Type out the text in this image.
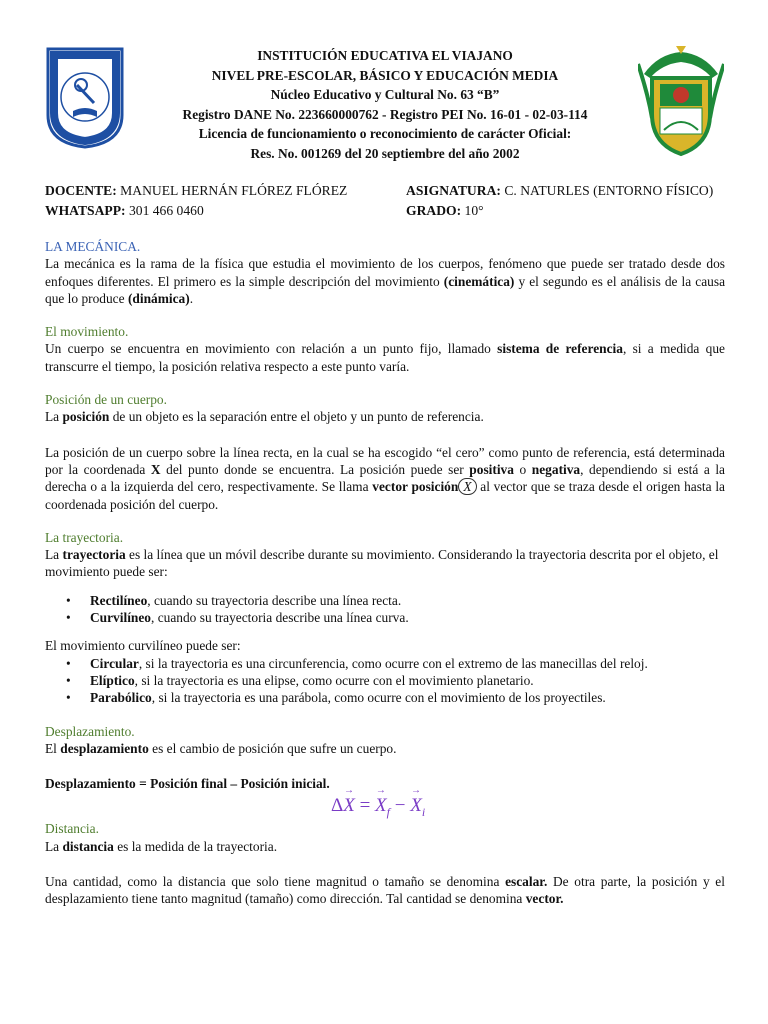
INSTITUCIÓN EDUCATIVA EL VIAJANO
NIVEL PRE-ESCOLAR, BÁSICO Y EDUCACIÓN MEDIA
Núcleo Educativo y Cultural No. 63 “B”
Registro DANE No. 223660000762 - Registro PEI No. 16-01 - 02-03-114
Licencia de funcionamiento o reconocimiento de carácter Oficial:
Res. No. 001269 del 20 septiembre del año 2002
DOCENTE: MANUEL HERNÁN FLÓREZ FLÓREZ
WHATSAPP: 301 466 0460
ASIGNATURA: C. NATURLES (ENTORNO FÍSICO)
GRADO: 10°

LA MECÁNICA.

La mecánica es la rama de la física que estudia el movimiento de los cuerpos, fenómeno que puede ser tratado desde dos enfoques diferentes. El primero es la simple descripción del movimiento (cinemática) y el segundo es el análisis de la causa que lo produce (dinámica).

El movimiento.

Un cuerpo se encuentra en movimiento con relación a un punto fijo, llamado sistema de referencia, si a medida que transcurre el tiempo, la posición relativa respecto a este punto varía.

Posición de un cuerpo.

La posición de un objeto es la separación entre el objeto y un punto de referencia.

La posición de un cuerpo sobre la línea recta, en la cual se ha escogido “el cero” como punto de referencia, está determinada por la coordenada X del punto donde se encuentra. La posición puede ser positiva o negativa, dependiendo si está a la derecha o a la izquierda del cero, respectivamente. Se llama vector posición X al vector que se traza desde el origen hasta la coordenada posición del cuerpo.

La trayectoria.

La trayectoria es la línea que un móvil describe durante su movimiento. Considerando la trayectoria descrita por el objeto, el movimiento puede ser:

• Rectilíneo, cuando su trayectoria describe una línea recta.
• Curvilíneo, cuando su trayectoria describe una línea curva.

El movimiento curvilíneo puede ser:

• Circular, si la trayectoria es una circunferencia, como ocurre con el extremo de las manecillas del reloj.
• Elíptico, si la trayectoria es una elipse, como ocurre con el movimiento planetario.
• Parabólico, si la trayectoria es una parábola, como ocurre con el movimiento de los proyectiles.

Desplazamiento.

El desplazamiento es el cambio de posición que sufre un cuerpo.

Desplazamiento = Posición final – Posición inicial.

Δ
→
X =
→
$X_f$ −
→
$X_i$

Distancia.

La distancia es la medida de la trayectoria.

Una cantidad, como la distancia que solo tiene magnitud o tamaño se denomina escalar. De otra parte, la posición y el desplazamiento tiene tanto magnitud (tamaño) como dirección. Tal cantidad se denomina vector.
